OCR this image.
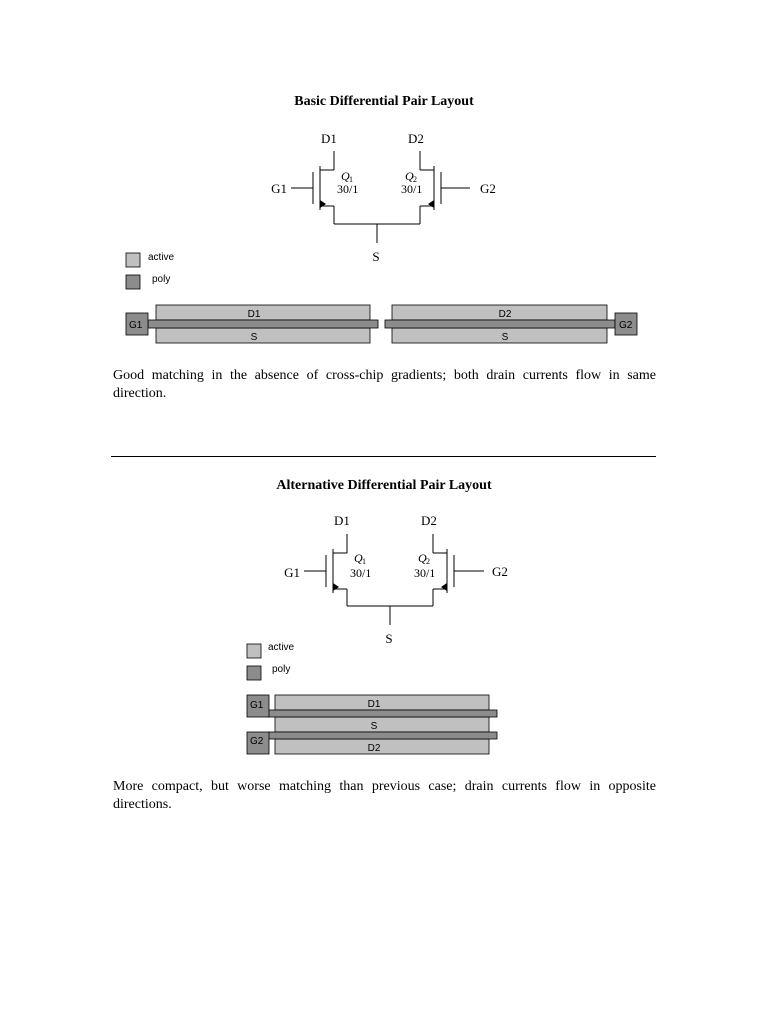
Basic Differential Pair Layout
D1	D2
G1	G2
S
Q 1
30/1
Q 2
30/1
active
poly
D1
S
D2
S
G1	G2
Good matching in the absence of cross-chip gradients; both drain currents flow in same direction.
Alternative Differential Pair Layout
D1	D2
G1	G2
S
Q 1
30/1
Q 2
30/1
active
poly
D1
S
D2
G1
G2
More compact, but worse matching than previous case; drain currents flow in opposite directions.
